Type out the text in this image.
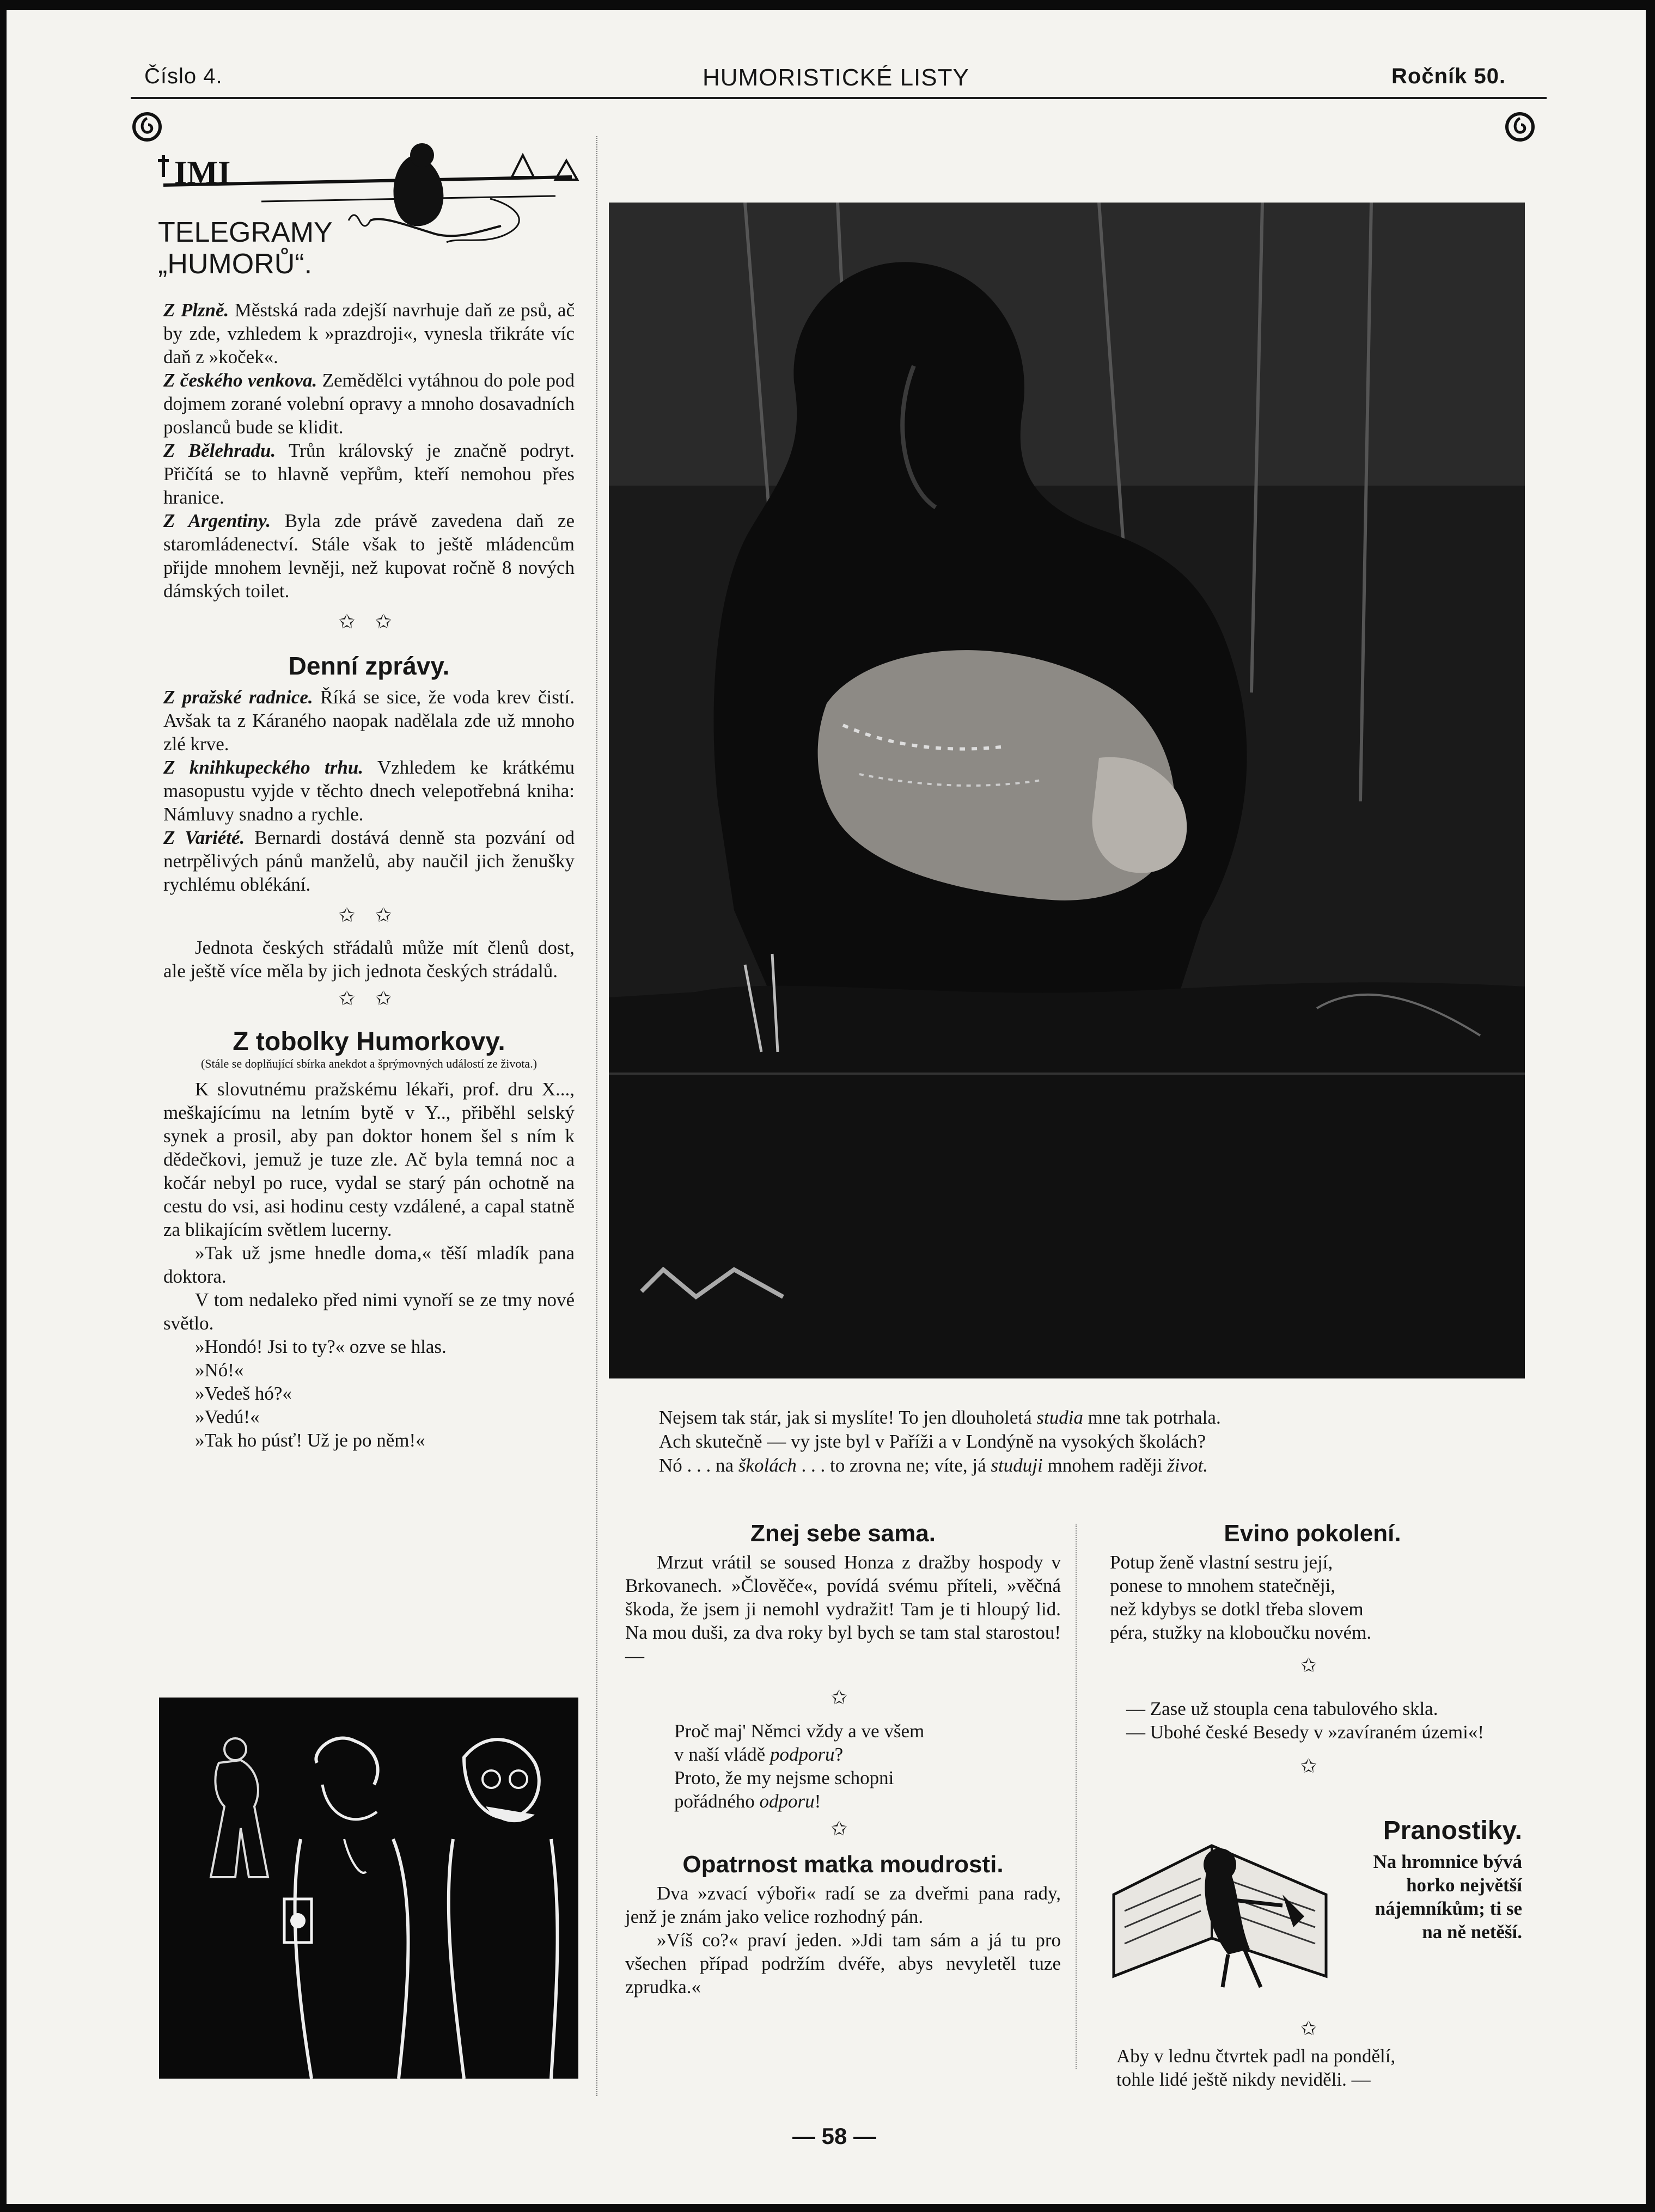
Číslo 4.	HUMORISTICKÉ LISTY	Ročník 50.
IMI
TELEGRAMY
„HUMORŮ“.

Z Plzně. Městská rada zdejší navrhuje daň ze psů, ač by zde, vzhledem k »prazdroji«, vynesla třikráte víc daň z »koček«.

Z českého venkova. Zemědělci vytáhnou do pole pod dojmem zorané volební opravy a mnoho dosavadních poslanců bude se klidit.

Z Bělehradu. Trůn královský je značně podryt. Přičítá se to hlavně vepřům, kteří nemohou přes hranice.

Z Argentiny. Byla zde právě zavedena daň ze staromládenectví. Stále však to ještě mládencům přijde mnohem levněji, než kupovat ročně 8 nových dámských toilet.

✩ ✩
Denní zprávy.

Z pražské radnice. Říká se sice, že voda krev čistí. Avšak ta z Káraného naopak nadělala zde už mnoho zlé krve.

Z knihkupeckého trhu. Vzhledem ke krátkému masopustu vyjde v těchto dnech velepotřebná kniha: Námluvy snadno a rychle.

Z Variété. Bernardi dostává denně sta pozvání od netrpělivých pánů manželů, aby naučil jich ženušky rychlému oblékání.

✩ ✩

Jednota českých střádalů může mít členů dost, ale ještě více měla by jich jednota českých strádalů.

✩ ✩
Z tobolky Humorkovy.
(Stále se doplňující sbírka anekdot a šprýmovných událostí ze života.)

K slovutnému pražskému lékaři, prof. dru X..., meškajícímu na letním bytě v Y.., přiběhl selský synek a prosil, aby pan doktor honem šel s ním k dědečkovi, jemuž je tuze zle. Ač byla temná noc a kočár nebyl po ruce, vydal se starý pán ochotně na cestu do vsi, asi hodinu cesty vzdálené, a capal statně za blikajícím světlem lucerny.

»Tak už jsme hnedle doma,« těší mladík pana doktora.

V tom nedaleko před nimi vynoří se ze tmy nové světlo.

»Hondó! Jsi to ty?« ozve se hlas.

»Nó!«

»Vedeš hó?«

»Vedú!«

»Tak ho púsť! Už je po něm!«

Nejsem tak stár, jak si myslíte! To jen dlouholetá studia mne tak potrhala.
Ach skutečně — vy jste byl v Paříži a v Londýně na vysokých školách?
Nó . . . na školách . . . to zrovna ne; víte, já studuji mnohem raději život.
Znej sebe sama.

Mrzut vrátil se soused Honza z dražby hospody v Brkovanech. »Člověče«, povídá svému příteli, »věčná škoda, že jsem ji nemohl vydražit! Tam je ti hloupý lid. Na mou duši, za dva roky byl bych se tam stal starostou! —

✩
Proč maj' Němci vždy a ve všem
v naší vládě podporu?
Proto, že my nejsme schopni
pořádného odporu!
✩
Opatrnost matka moudrosti.

Dva »zvací výboři« radí se za dveřmi pana rady, jenž je znám jako velice rozhodný pán.

»Víš co?« praví jeden. »Jdi tam sám a já tu pro všechen případ podržím dvéře, abys nevyletěl tuze zprudka.«

Evino pokolení.
Potup ženě vlastní sestru její,
ponese to mnohem statečněji,
než kdybys se dotkl třeba slovem
péra, stužky na kloboučku novém.
✩

— Zase už stoupla cena tabulového skla.

— Ubohé české Besedy v »zavíraném územi«!

✩
Pranostiky.
Na hromnice bývá
horko největší
nájemníkům; ti se
na ně netěší.
✩
Aby v lednu čtvrtek padl na pondělí,
tohle lidé ještě nikdy neviděli. —
— 58 —
